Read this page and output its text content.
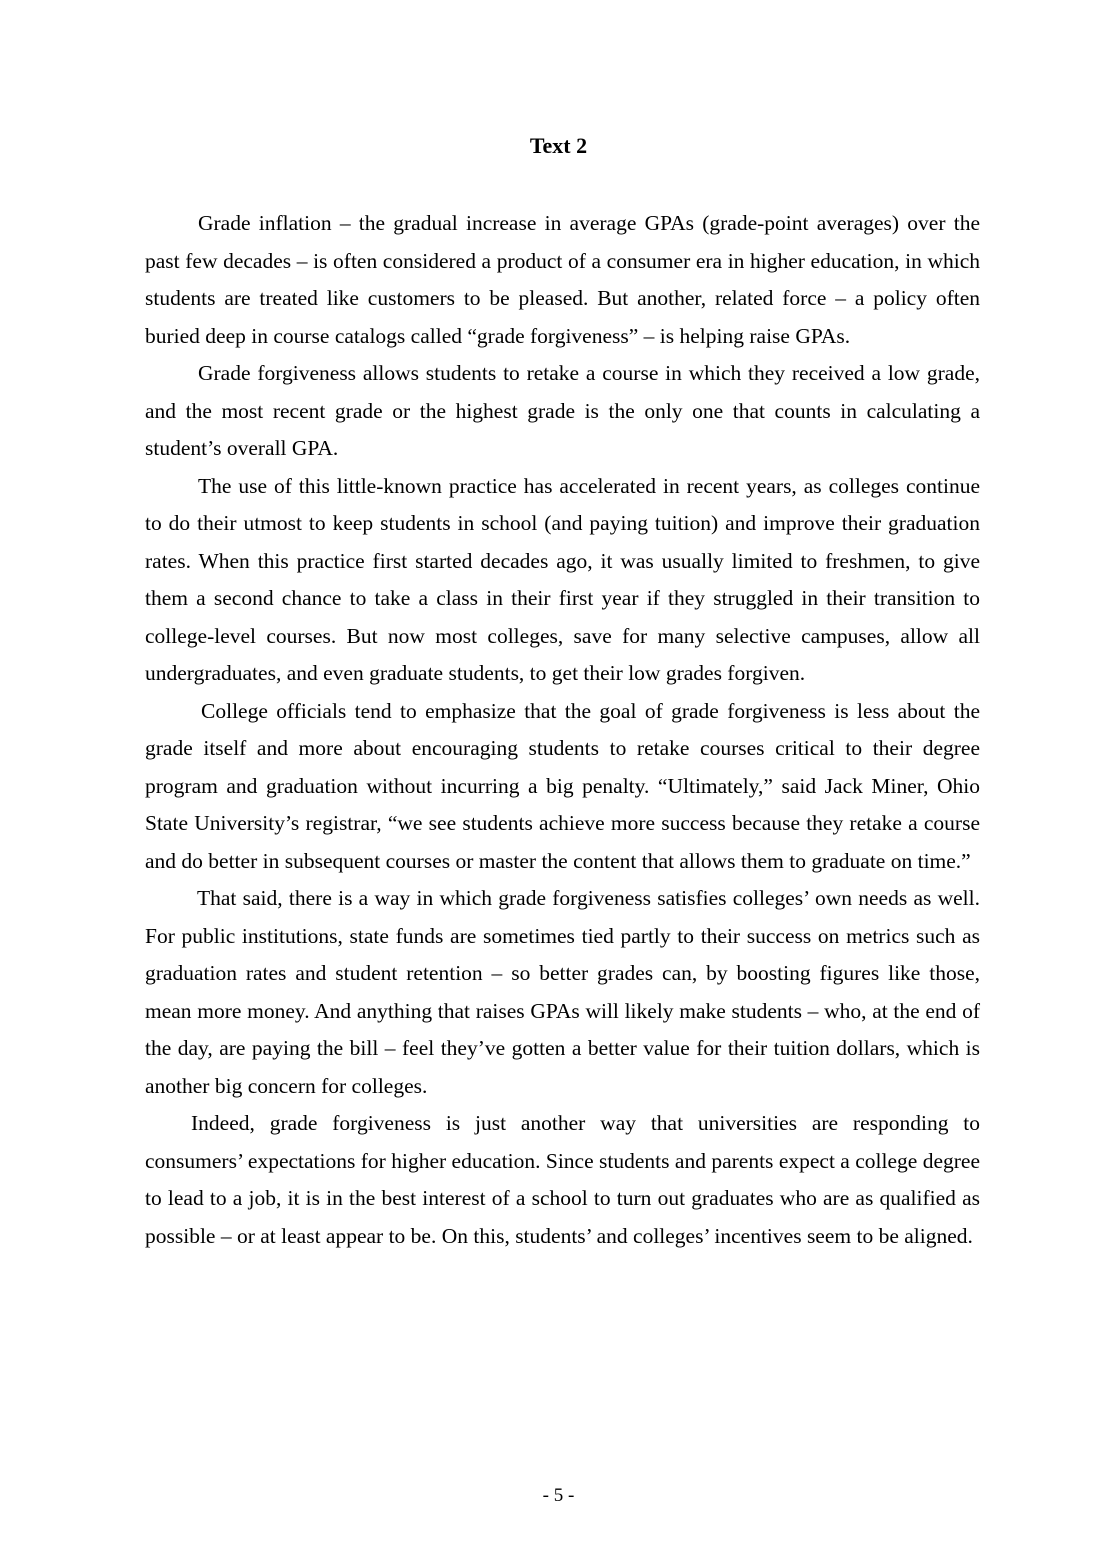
Text 2

Grade inflation – the gradual increase in average GPAs (grade-point averages) over the past few decades – is often considered a product of a consumer era in higher education, in which students are treated like customers to be pleased. But another, related force – a policy often buried deep in course catalogs called “grade forgiveness” – is helping raise GPAs.

Grade forgiveness allows students to retake a course in which they received a low grade, and the most recent grade or the highest grade is the only one that counts in calculating a student’s overall GPA.

The use of this little-known practice has accelerated in recent years, as colleges continue to do their utmost to keep students in school (and paying tuition) and improve their graduation rates. When this practice first started decades ago, it was usually limited to freshmen, to give them a second chance to take a class in their first year if they struggled in their transition to college-level courses. But now most colleges, save for many selective campuses, allow all undergraduates, and even graduate students, to get their low grades forgiven.

College officials tend to emphasize that the goal of grade forgiveness is less about the grade itself and more about encouraging students to retake courses critical to their degree program and graduation without incurring a big penalty. “Ultimately,” said Jack Miner, Ohio State University’s registrar, “we see students achieve more success because they retake a course and do better in subsequent courses or master the content that allows them to graduate on time.”

That said, there is a way in which grade forgiveness satisfies colleges’ own needs as well. For public institutions, state funds are sometimes tied partly to their success on metrics such as graduation rates and student retention – so better grades can, by boosting figures like those, mean more money. And anything that raises GPAs will likely make students – who, at the end of the day, are paying the bill – feel they’ve gotten a better value for their tuition dollars, which is another big concern for colleges.

Indeed, grade forgiveness is just another way that universities are responding to consumers’ expectations for higher education. Since students and parents expect a college degree to lead to a job, it is in the best interest of a school to turn out graduates who are as qualified as possible – or at least appear to be. On this, students’ and colleges’ incentives seem to be aligned.

- 5 -
